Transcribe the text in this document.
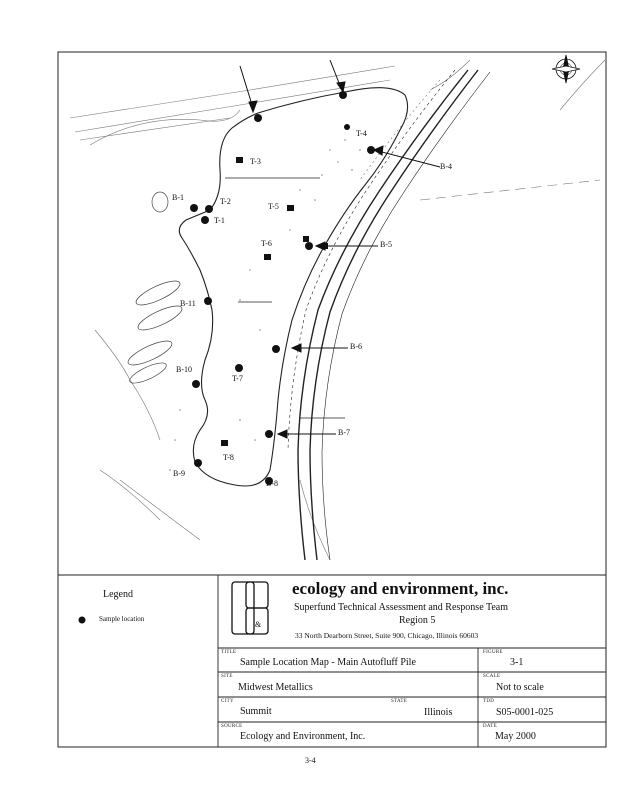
&
T-4
T-3
B-4
B-1	T-2
T-1
T-5
T-6	B-5
B-11
B-6
B-10
T-7
B-7
T-8
B-9
B-8
Legend
Sample location
ecology and environment, inc.
Superfund Technical Assessment and Response Team
Region 5
33 North Dearborn Street, Suite 900, Chicago, Illinois 60603
TITLE
Sample Location Map - Main Autofluff Pile
FIGURE
3-1
SITE
Midwest Metallics
SCALE
Not to scale
CITY
Summit
STATE
Illinois
TDD
S05-0001-025
SOURCE
Ecology and Environment, Inc.
DATE
May 2000
3-4
